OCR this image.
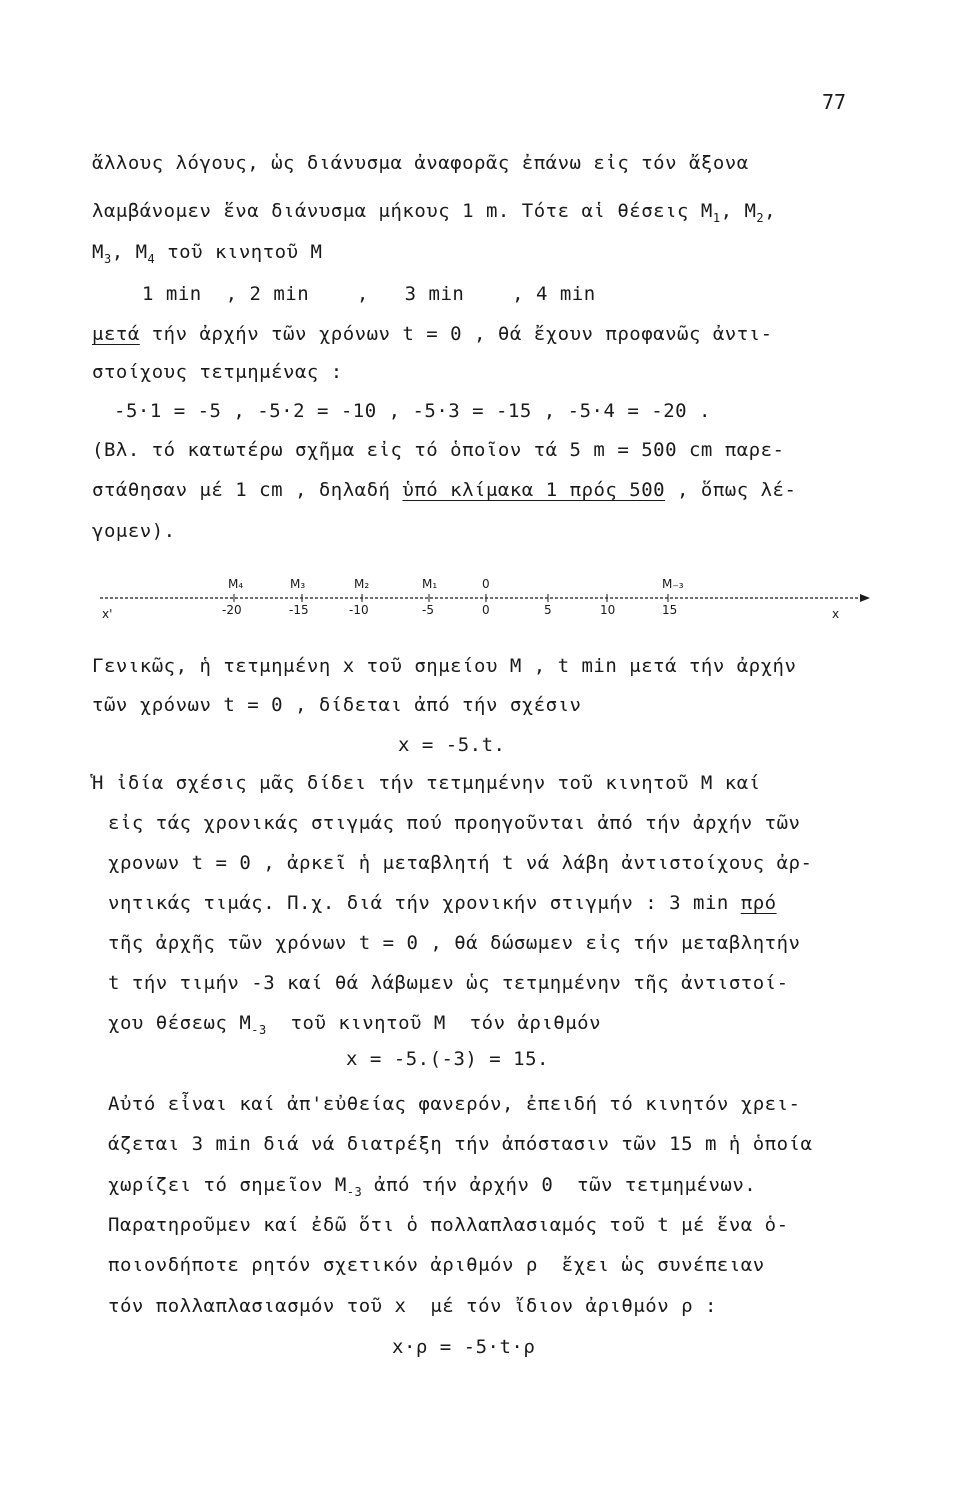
77
ἄλλους λόγους, ὡς διάνυσμα ἀναφορᾶς ἐπάνω εἰς τόν ἄξονα
λαμβάνομεν ἕνα διάνυσμα μήκους 1 m. Τότε αἱ θέσεις $M_1$, $M_2$,
$M_3$, $M_4$ τοῦ κινητοῦ M
1 min  , 2 min    ,   3 min    , 4 min
μετά τήν ἀρχήν τῶν χρόνων t = 0 , θά ἔχουν προφανῶς ἀντι-
στοίχους τετμημένας :
-5·1 = -5 , -5·2 = -10 , -5·3 = -15 , -5·4 = -20 .
(Βλ. τό κατωτέρω σχῆμα εἰς τό ὁποῖον τά 5 m = 500 cm παρε-
στάθησαν μέ 1 cm , δηλαδή ὑπό κλίμακα 1 πρός 500 , ὅπως λέ-
γομεν).
x'	x
-20	-15	-10	-5	0	5	10	15
M₄	M₃	M₂	M₁	0	M₋₃
Γενικῶς, ἡ τετμημένη x τοῦ σημείου M , t min μετά τήν ἀρχήν
τῶν χρόνων t = 0 , δίδεται ἀπό τήν σχέσιν
x = -5.t.
Ἡ ἰδία σχέσις μᾶς δίδει τήν τετμημένην τοῦ κινητοῦ M καί
εἰς τάς χρονικάς στιγμάς πού προηγοῦνται ἀπό τήν ἀρχήν τῶν
χρονων t = 0 , ἀρκεῖ ἡ μεταβλητή t νά λάβη ἀντιστοίχους ἀρ-
νητικάς τιμάς. Π.χ. διά τήν χρονικήν στιγμήν : 3 min πρό
τῆς ἀρχῆς τῶν χρόνων t = 0 , θά δώσωμεν εἰς τήν μεταβλητήν
t τήν τιμήν -3 καί θά λάβωμεν ὡς τετμημένην τῆς ἀντιστοί-
χου θέσεως $M_{-3}$  τοῦ κινητοῦ M  τόν ἀριθμόν
x = -5.(-3) = 15.
Αὐτό εἶναι καί ἀπ'εὐθείας φανερόν, ἐπειδή τό κινητόν χρει-
άζεται 3 min διά νά διατρέξη τήν ἀπόστασιν τῶν 15 m ἡ ὁποία
χωρίζει τό σημεῖον $M_{-3}$ ἀπό τήν ἀρχήν 0  τῶν τετμημένων.
Παρατηροῦμεν καί ἐδῶ ὅτι ὁ πολλαπλασιαμός τοῦ t μέ ἕνα ὁ-
ποιονδήποτε ρητόν σχετικόν ἀριθμόν ρ  ἔχει ὡς συνέπειαν
τόν πολλαπλασιασμόν τοῦ x  μέ τόν ἴδιον ἀριθμόν ρ :
x·ρ = -5·t·ρ
